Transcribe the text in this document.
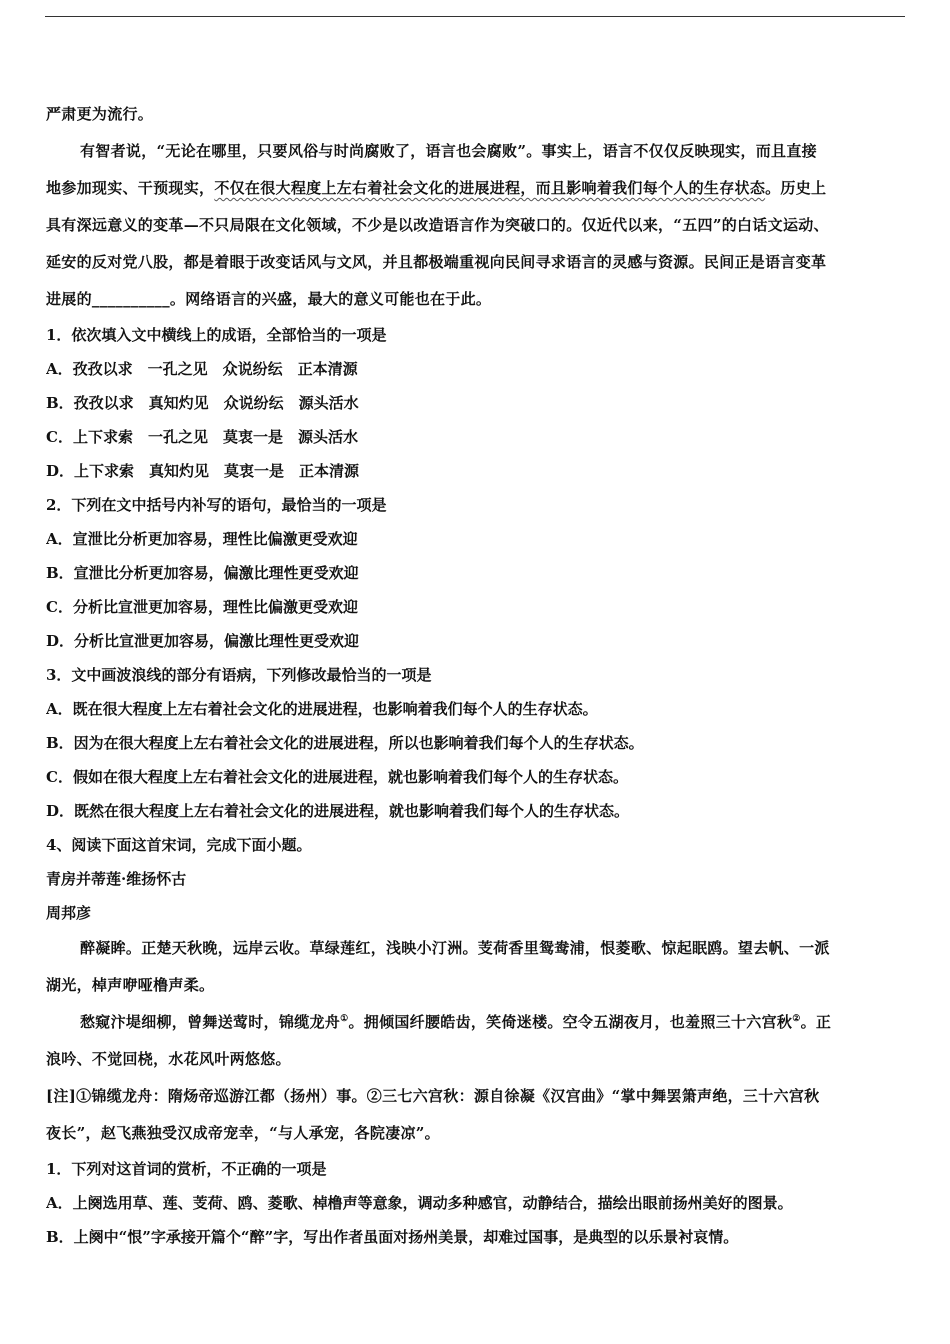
严肃更为流行。
有智者说，“无论在哪里，只要风俗与时尚腐败了，语言也会腐败”。事实上，语言不仅仅反映现实，而且直接
地参加现实、干预现实，不仅在很大程度上左右着社会文化的进展进程，而且影响着我们每个人的生存状态。历史上
具有深远意义的变革—不只局限在文化领域，不少是以改造语言作为突破口的。仅近代以来，“五四”的白话文运动、
延安的反对党八股，都是着眼于改变话风与文风，并且都极端重视向民间寻求语言的灵感与资源。民间正是语言变革
进展的__________。网络语言的兴盛，最大的意义可能也在于此。
1．依次填入文中横线上的成语，全部恰当的一项是
A．孜孜以求　一孔之见　众说纷纭　正本清源
B．孜孜以求　真知灼见　众说纷纭　源头活水
C．上下求索　一孔之见　莫衷一是　源头活水
D．上下求索　真知灼见　莫衷一是　正本清源
2．下列在文中括号内补写的语句，最恰当的一项是
A．宣泄比分析更加容易，理性比偏激更受欢迎
B．宣泄比分析更加容易，偏激比理性更受欢迎
C．分析比宣泄更加容易，理性比偏激更受欢迎
D．分析比宣泄更加容易，偏激比理性更受欢迎
3．文中画波浪线的部分有语病，下列修改最恰当的一项是
A．既在很大程度上左右着社会文化的进展进程，也影响着我们每个人的生存状态。
B．因为在很大程度上左右着社会文化的进展进程，所以也影响着我们每个人的生存状态。
C．假如在很大程度上左右着社会文化的进展进程，就也影响着我们每个人的生存状态。
D．既然在很大程度上左右着社会文化的进展进程，就也影响着我们每个人的生存状态。
4、阅读下面这首宋词，完成下面小题。
青房并蒂莲·维扬怀古
周邦彦
醉凝眸。正楚天秋晚，远岸云收。草绿莲红，浅映小汀洲。芰荷香里鸳鸯浦，恨菱歌、惊起眠鸥。望去帆、一派
湖光，棹声咿哑橹声柔。
愁窥汴堤细柳，曾舞送莺时，锦缆龙舟①。拥倾国纤腰皓齿，笑倚迷楼。空令五湖夜月，也羞照三十六宫秋②。正
浪吟、不觉回桡，水花风叶两悠悠。
[注]①锦缆龙舟：隋炀帝巡游江都（扬州）事。②三七六宫秋：源自徐凝《汉宫曲》“掌中舞罢箫声绝，三十六宫秋
夜长”，赵飞燕独受汉成帝宠幸，“与人承宠，各院凄凉”。
1．下列对这首词的赏析，不正确的一项是
A．上阕选用草、莲、芰荷、鸥、菱歌、棹橹声等意象，调动多种感官，动静结合，描绘出眼前扬州美好的图景。
B．上阕中“恨”字承接开篇个“醉”字，写出作者虽面对扬州美景，却难过国事，是典型的以乐景衬哀情。
